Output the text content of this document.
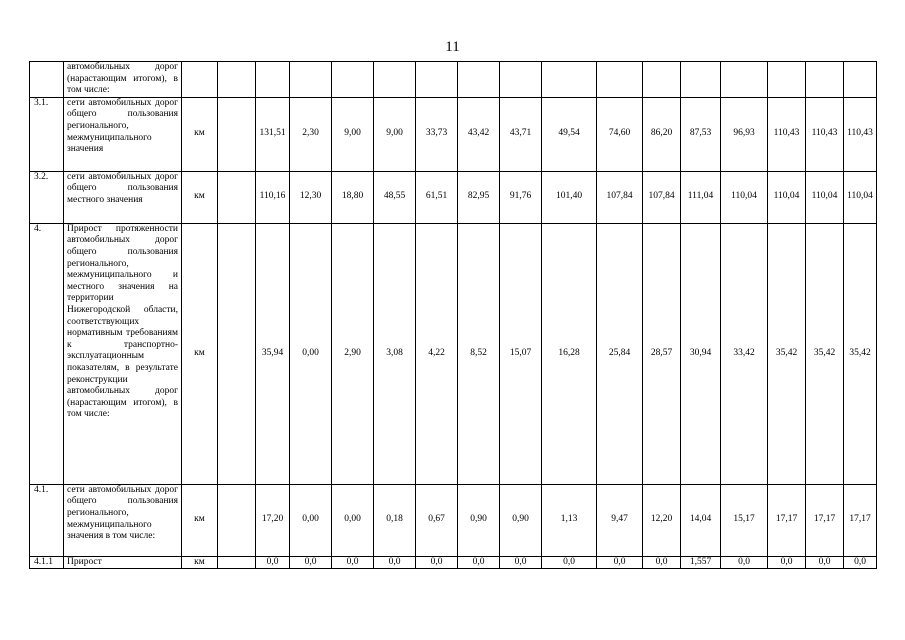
11
	автомобильных дорог (нарастающим итогом), в том числе:																	
3.1.	сети автомобильных дорог общего пользования регионального, межмуниципального значения	км		131,51	2,30	9,00	9,00	33,73	43,42	43,71	49,54	74,60	86,20	87,53	96,93	110,43	110,43	110,43
3.2.	сети автомобильных дорог общего пользования местного значения	км		110,16	12,30	18,80	48,55	61,51	82,95	91,76	101,40	107,84	107,84	111,04	110,04	110,04	110,04	110,04
4.	Прирост протяженности автомобильных дорог общего пользования регионального, межмуниципального и местного значения на территории Нижегородской области, соответствующих нормативным требованиям к транспортно-эксплуатационным показателям, в результате реконструкции автомобильных дорог (нарастающим итогом), в том числе:	км		35,94	0,00	2,90	3,08	4,22	8,52	15,07	16,28	25,84	28,57	30,94	33,42	35,42	35,42	35,42
4.1.	сети автомобильных дорог общего пользования регионального, межмуниципального значения в том числе:	км		17,20	0,00	0,00	0,18	0,67	0,90	0,90	1,13	9,47	12,20	14,04	15,17	17,17	17,17	17,17
4.1.1	Прирост	км		0,0	0,0	0,0	0,0	0,0	0,0	0,0	0,0	0,0	0,0	1,557	0,0	0,0	0,0	0,0
